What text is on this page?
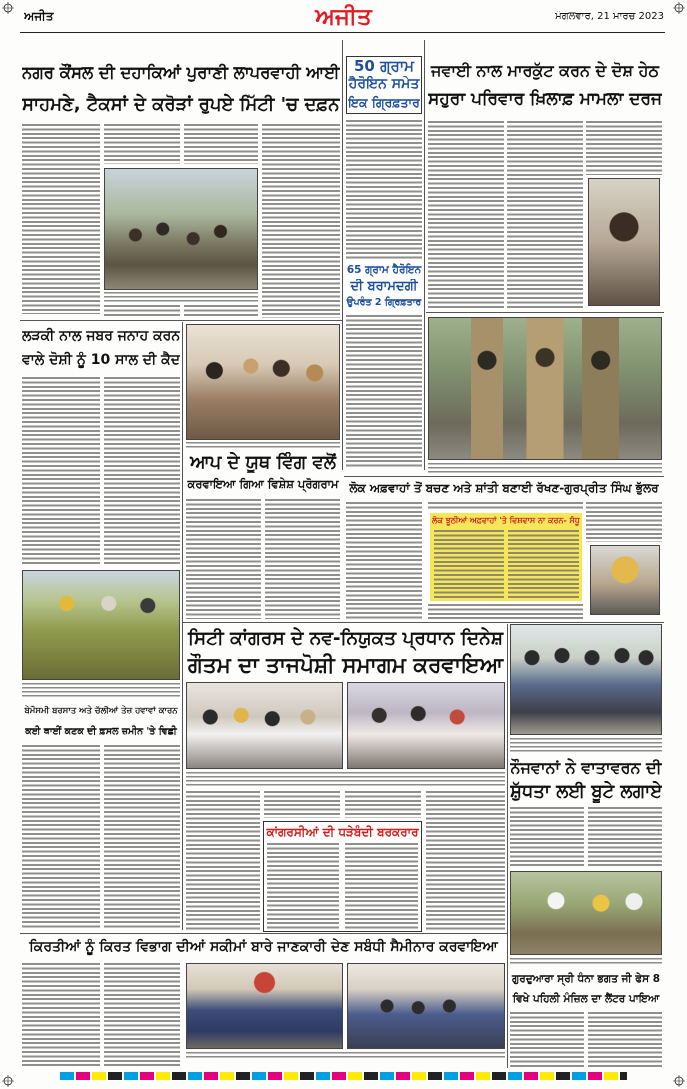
ਅਜੀਤ	ਅਜੀਤ	ਮੰਗਲਵਾਰ, 21 ਮਾਰਚ 2023
ਨਗਰ ਕੌਂਸਲ ਦੀ ਦਹਾਕਿਆਂ ਪੁਰਾਣੀ ਲਾਪਰਵਾਹੀ ਆਈ
ਸਾਹਮਣੇ, ਟੈਕਸਾਂ ਦੇ ਕਰੋੜਾਂ ਰੁਪਏ ਮਿੱਟੀ 'ਚ ਦਫ਼ਨ
50 ਗ੍ਰਾਮ
ਹੈਰੋਇਨ ਸਮੇਤ
ਇਕ ਗ੍ਰਿਫ਼ਤਾਰ
65 ਗ੍ਰਾਮ ਹੈਰੋਇਨ
ਦੀ ਬਰਾਮਦਗੀ
ਉਪਰੰਤ 2 ਗ੍ਰਿਫ਼ਤਾਰ
ਜਵਾਈ ਨਾਲ ਮਾਰਕੁੱਟ ਕਰਨ ਦੇ ਦੋਸ਼ ਹੇਠ
ਸਹੁਰਾ ਪਰਿਵਾਰ ਖ਼ਿਲਾਫ਼ ਮਾਮਲਾ ਦਰਜ
ਲੜਕੀ ਨਾਲ ਜਬਰ ਜਨਾਹ ਕਰਨ
ਵਾਲੇ ਦੋਸ਼ੀ ਨੂੰ 10 ਸਾਲ ਦੀ ਕੈਦ
ਆਪ ਦੇ ਯੂਥ ਵਿੰਗ ਵਲੋਂ
ਕਰਵਾਇਆ ਗਿਆ ਵਿਸ਼ੇਸ਼ ਪ੍ਰੋਗਰਾਮ ਲੋਕ ਅਫ਼ਵਾਹਾਂ ਤੋਂ ਬਚਣ ਅਤੇ ਸ਼ਾਂਤੀ ਬਣਾਈ ਰੱਖਣ-ਗੁਰਪ੍ਰੀਤ ਸਿੰਘ ਭੁੱਲਰ
ਲੋਕ ਝੂਠੀਆਂ ਅਫ਼ਵਾਹਾਂ 'ਤੇ ਵਿਸ਼ਵਾਸ ਨਾ ਕਰਨ- ਸੰਧੂ
ਬੇਮੌਸਮੀ ਬਰਸਾਤ ਅਤੇ ਚੱਲੀਆਂ ਤੇਜ਼ ਹਵਾਵਾਂ ਕਾਰਨ
ਕਈ ਥਾਈਂ ਕਣਕ ਦੀ ਫ਼ਸਲ ਜ਼ਮੀਨ 'ਤੇ ਵਿਛੀ
ਸਿਟੀ ਕਾਂਗਰਸ ਦੇ ਨਵ-ਨਿਯੁਕਤ ਪ੍ਰਧਾਨ ਦਿਨੇਸ਼
ਗੌਤਮ ਦਾ ਤਾਜਪੋਸ਼ੀ ਸਮਾਗਮ ਕਰਵਾਇਆ
ਕਾਂਗਰਸੀਆਂ ਦੀ ਧੜੇਬੰਦੀ ਬਰਕਰਾਰ
ਨੌਜਵਾਨਾਂ ਨੇ ਵਾਤਾਵਰਨ ਦੀ
ਸ਼ੁੱਧਤਾ ਲਈ ਬੂਟੇ ਲਗਾਏ
ਗੁਰਦੁਆਰਾ ਸ੍ਰੀ ਧੰਨਾ ਭਗਤ ਜੀ ਫੇਸ 8
ਵਿਖੇ ਪਹਿਲੀ ਮੰਜ਼ਿਲ ਦਾ ਲੈਂਟਰ ਪਾਇਆ
ਕਿਰਤੀਆਂ ਨੂੰ ਕਿਰਤ ਵਿਭਾਗ ਦੀਆਂ ਸਕੀਮਾਂ ਬਾਰੇ ਜਾਣਕਾਰੀ ਦੇਣ ਸਬੰਧੀ ਸੈਮੀਨਾਰ ਕਰਵਾਇਆ
